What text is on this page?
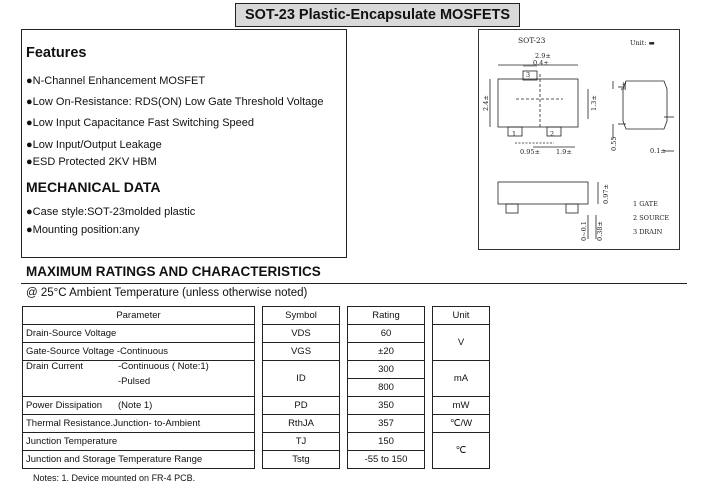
SOT-23 Plastic-Encapsulate MOSFETS
Features
●N-Channel Enhancement MOSFET
●Low On-Resistance: RDS(ON) Low Gate Threshold Voltage
●Low Input Capacitance Fast Switching Speed
●Low Input/Output Leakage
●ESD Protected 2KV HBM
MECHANICAL DATA
●Case style:SOT-23molded plastic
●Mounting position:any
SOT-23	Unit: ▬
2.9±
0.4±
3
1	2
0.95± 1.9±
2.4±	1.3±
1±
0.55	0.1±
0.97±
0~0.1 0.38±
1 GATE
2 SOURCE
3 DRAIN
MAXIMUM RATINGS AND CHARACTERISTICS
@ 25°C Ambient Temperature (unless otherwise noted)
Parameter		Symbol		Rating		Unit
Drain-Source Voltage		VDS		60		V
Gate-Source Voltage -Continuous		VGS		±20		

Drain Current -Continuous ( Note:1)
-Pulsed		ID		300		mA
				800		
Power Dissipation (Note 1)		PD		350		mW
Thermal Resistance.Junction- to-Ambient		RthJA		357		℃/W
Junction Temperature		TJ		150		℃
Junction and Storage Temperature Range		Tstg		-55 to 150		
Notes: 1. Device mounted on FR-4 PCB.
